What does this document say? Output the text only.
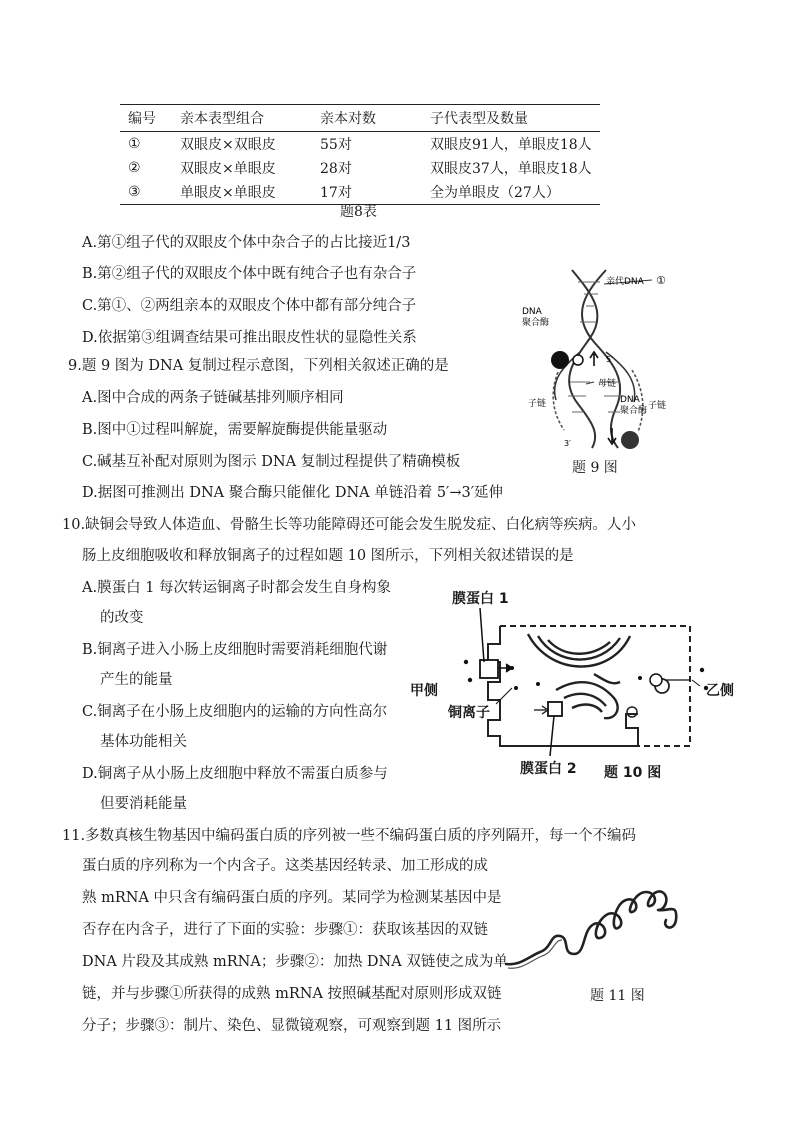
编号	亲本表型组合	亲本对数	子代表型及数量
①	双眼皮×双眼皮	55对	双眼皮91人，单眼皮18人
②	双眼皮×单眼皮	28对	双眼皮37人，单眼皮18人
③	单眼皮×单眼皮	17对	全为单眼皮（27人）
题8表
A.第①组子代的双眼皮个体中杂合子的占比接近1/3
B.第②组子代的双眼皮个体中既有纯合子也有杂合子
C.第①、②两组亲本的双眼皮个体中都有部分纯合子
D.依据第③组调查结果可推出眼皮性状的显隐性关系
9.题 9 图为 DNA 复制过程示意图，下列相关叙述正确的是
A.图中合成的两条子链碱基排列顺序相同
B.图中①过程叫解旋，需要解旋酶提供能量驱动
C.碱基互补配对原则为图示 DNA 复制过程提供了精确模板
D.据图可推测出 DNA 聚合酶只能催化 DNA 单链沿着 5′→3′延伸
亲代DNA ①
DNA
聚合酶
5′
母链
子链	DNA
聚合酶 子链
3′
题 9 图
10.缺铜会导致人体造血、骨骼生长等功能障碍还可能会发生脱发症、白化病等疾病。人小
肠上皮细胞吸收和释放铜离子的过程如题 10 图所示，下列相关叙述错误的是
A.膜蛋白 1 每次转运铜离子时都会发生自身构象
的改变
B.铜离子进入小肠上皮细胞时需要消耗细胞代谢
产生的能量
C.铜离子在小肠上皮细胞内的运输的方向性高尔
基体功能相关
D.铜离子从小肠上皮细胞中释放不需蛋白质参与
但要消耗能量
膜蛋白 1
甲侧	乙侧
铜离子
膜蛋白 2 题 10 图
11.多数真核生物基因中编码蛋白质的序列被一些不编码蛋白质的序列隔开，每一个不编码
蛋白质的序列称为一个内含子。这类基因经转录、加工形成的成
熟 mRNA 中只含有编码蛋白质的序列。某同学为检测某基因中是
否存在内含子，进行了下面的实验：步骤①：获取该基因的双链
DNA 片段及其成熟 mRNA；步骤②：加热 DNA 双链使之成为单
链，并与步骤①所获得的成熟 mRNA 按照碱基配对原则形成双链
分子；步骤③：制片、染色、显微镜观察，可观察到题 11 图所示
题 11 图
